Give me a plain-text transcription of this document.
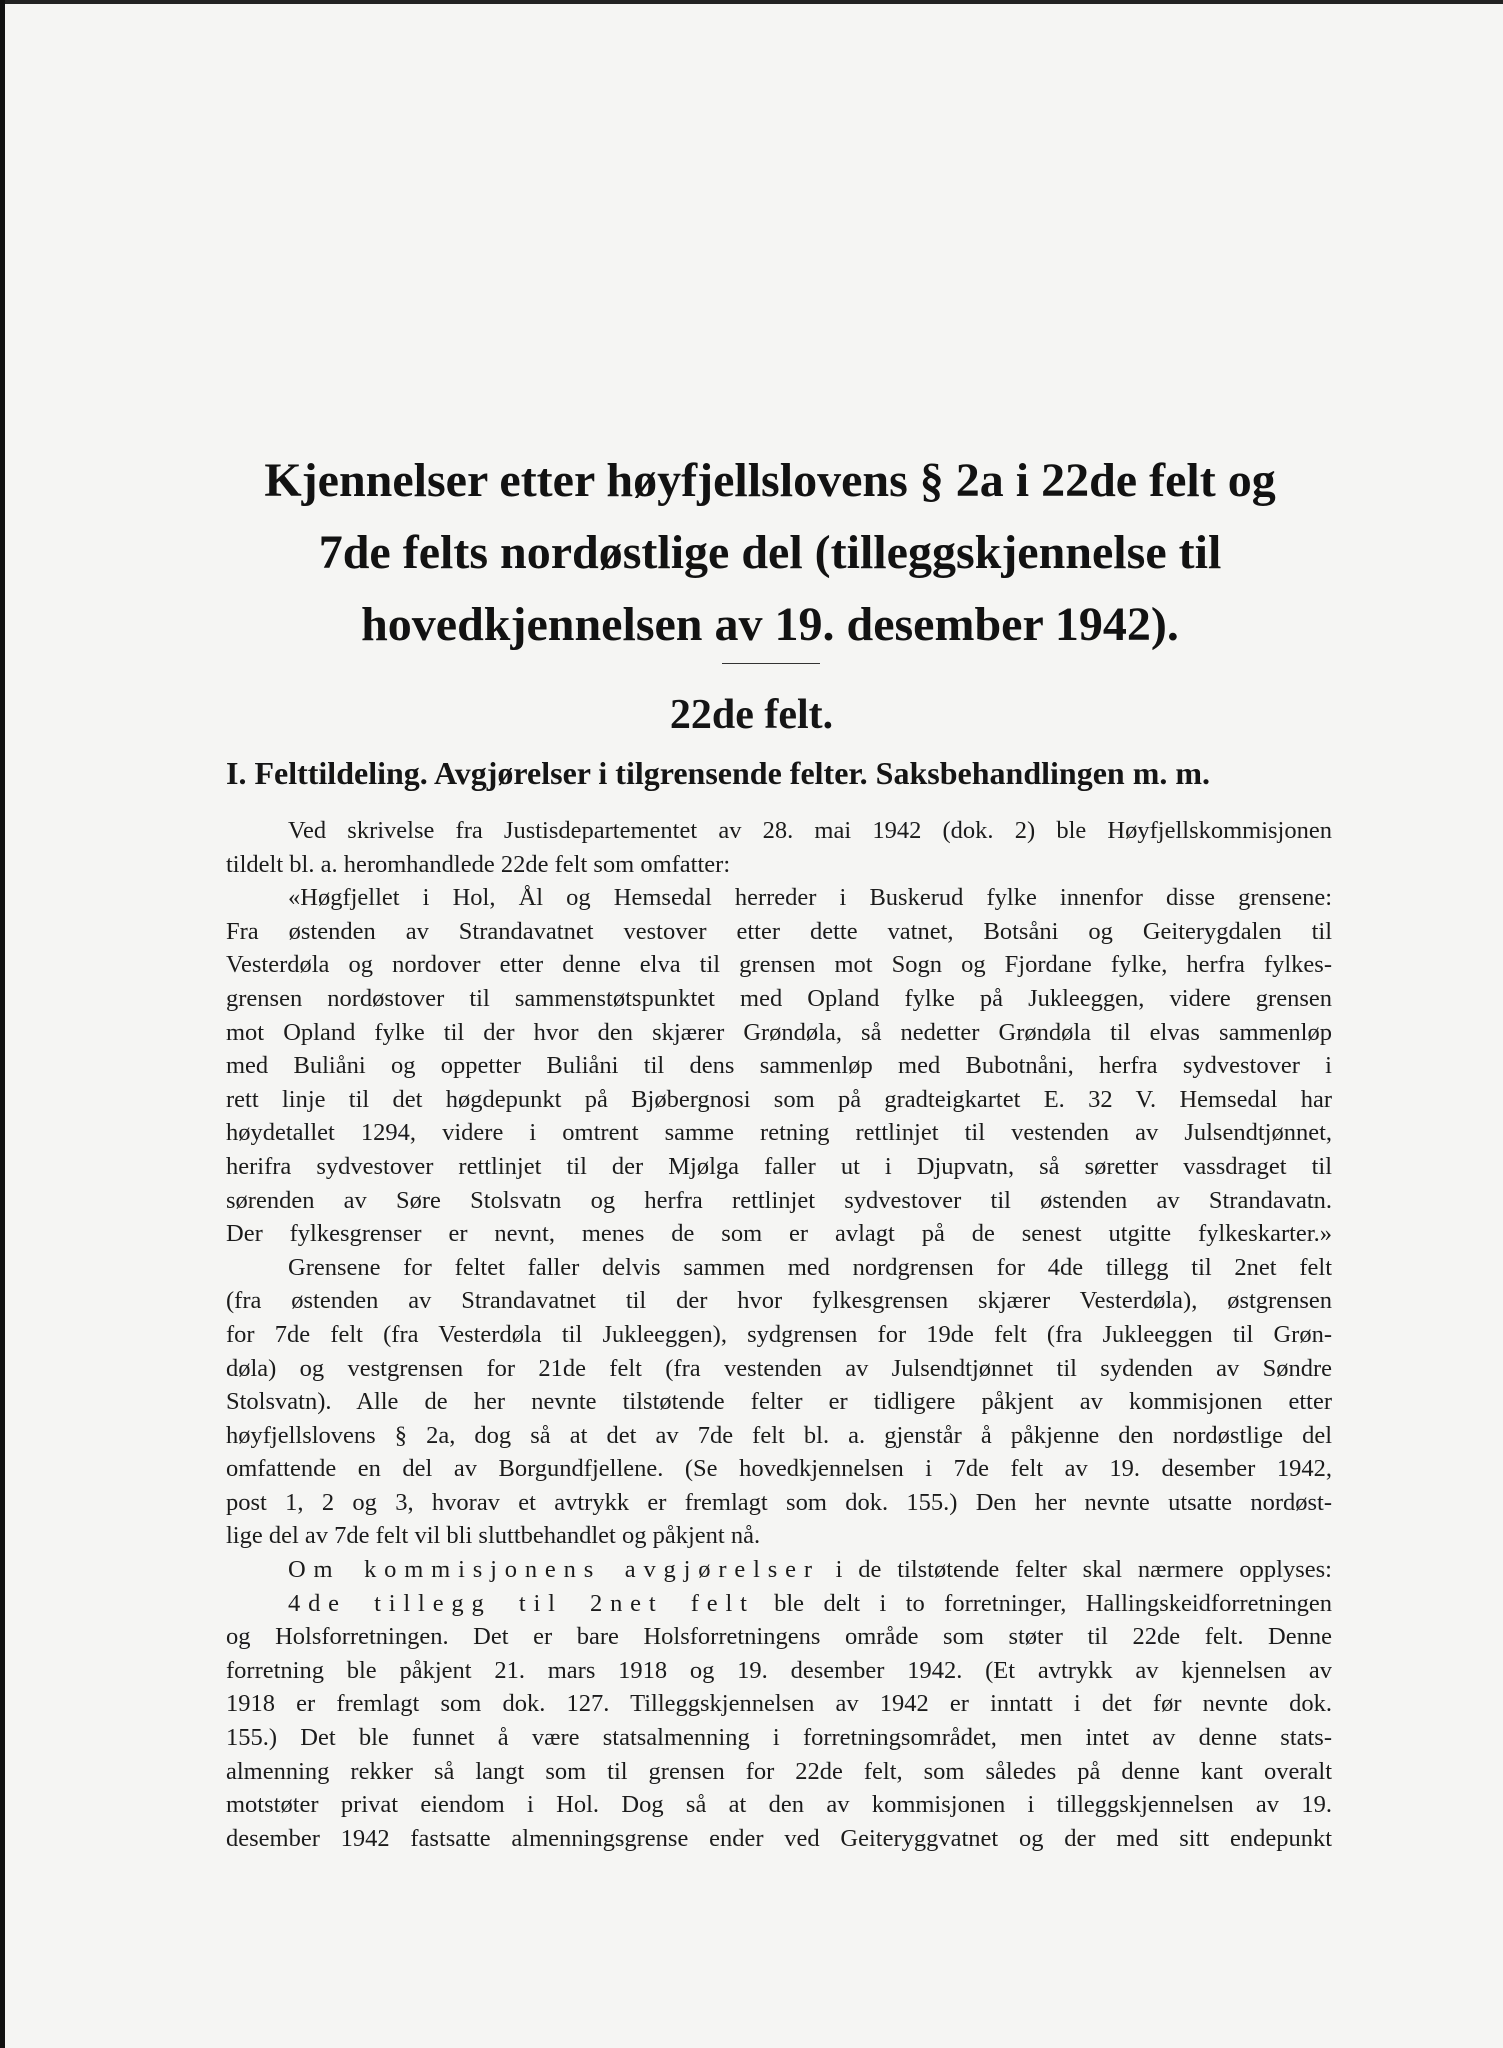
Kjennelser etter høyfjellslovens § 2a i 22de felt og
7de felts nordøstlige del (tilleggskjennelse til
hovedkjennelsen av 19. desember 1942).
22de felt.
I. Felttildeling. Avgjørelser i tilgrensende felter. Saksbehandlingen m. m.
Ved skrivelse fra Justisdepartementet av 28. mai 1942 (dok. 2) ble Høyfjellskommisjonen
tildelt bl. a. heromhandlede 22de felt som omfatter:
«Høgfjellet i Hol, Ål og Hemsedal herreder i Buskerud fylke innenfor disse grensene:
Fra østenden av Strandavatnet vestover etter dette vatnet, Botsåni og Geiterygdalen til
Vesterdøla og nordover etter denne elva til grensen mot Sogn og Fjordane fylke, herfra fylkes-
grensen nordøstover til sammenstøtspunktet med Opland fylke på Jukleeggen, videre grensen
mot Opland fylke til der hvor den skjærer Grøndøla, så nedetter Grøndøla til elvas sammenløp
med Buliåni og oppetter Buliåni til dens sammenløp med Bubotnåni, herfra sydvestover i
rett linje til det høgdepunkt på Bjøbergnosi som på gradteigkartet E. 32 V. Hemsedal har
høydetallet 1294, videre i omtrent samme retning rettlinjet til vestenden av Julsendtjønnet,
herifra sydvestover rettlinjet til der Mjølga faller ut i Djupvatn, så søretter vassdraget til
sørenden av Søre Stolsvatn og herfra rettlinjet sydvestover til østenden av Strandavatn.
Der fylkesgrenser er nevnt, menes de som er avlagt på de senest utgitte fylkeskarter.»
Grensene for feltet faller delvis sammen med nordgrensen for 4de tillegg til 2net felt
(fra østenden av Strandavatnet til der hvor fylkesgrensen skjærer Vesterdøla), østgrensen
for 7de felt (fra Vesterdøla til Jukleeggen), sydgrensen for 19de felt (fra Jukleeggen til Grøn-
døla) og vestgrensen for 21de felt (fra vestenden av Julsendtjønnet til sydenden av Søndre
Stolsvatn). Alle de her nevnte tilstøtende felter er tidligere påkjent av kommisjonen etter
høyfjellslovens § 2a, dog så at det av 7de felt bl. a. gjenstår å påkjenne den nordøstlige del
omfattende en del av Borgundfjellene. (Se hovedkjennelsen i 7de felt av 19. desember 1942,
post 1, 2 og 3, hvorav et avtrykk er fremlagt som dok. 155.) Den her nevnte utsatte nordøst-
lige del av 7de felt vil bli sluttbehandlet og påkjent nå.
Om kommisjonens avgjørelser i de tilstøtende felter skal nærmere opplyses:
4de tillegg til 2net felt ble delt i to forretninger, Hallingskeidforretningen
og Holsforretningen. Det er bare Holsforretningens område som støter til 22de felt. Denne
forretning ble påkjent 21. mars 1918 og 19. desember 1942. (Et avtrykk av kjennelsen av
1918 er fremlagt som dok. 127. Tilleggskjennelsen av 1942 er inntatt i det før nevnte dok.
155.) Det ble funnet å være statsalmenning i forretningsområdet, men intet av denne stats-
almenning rekker så langt som til grensen for 22de felt, som således på denne kant overalt
motstøter privat eiendom i Hol. Dog så at den av kommisjonen i tilleggskjennelsen av 19.
desember 1942 fastsatte almenningsgrense ender ved Geiteryggvatnet og der med sitt endepunkt
